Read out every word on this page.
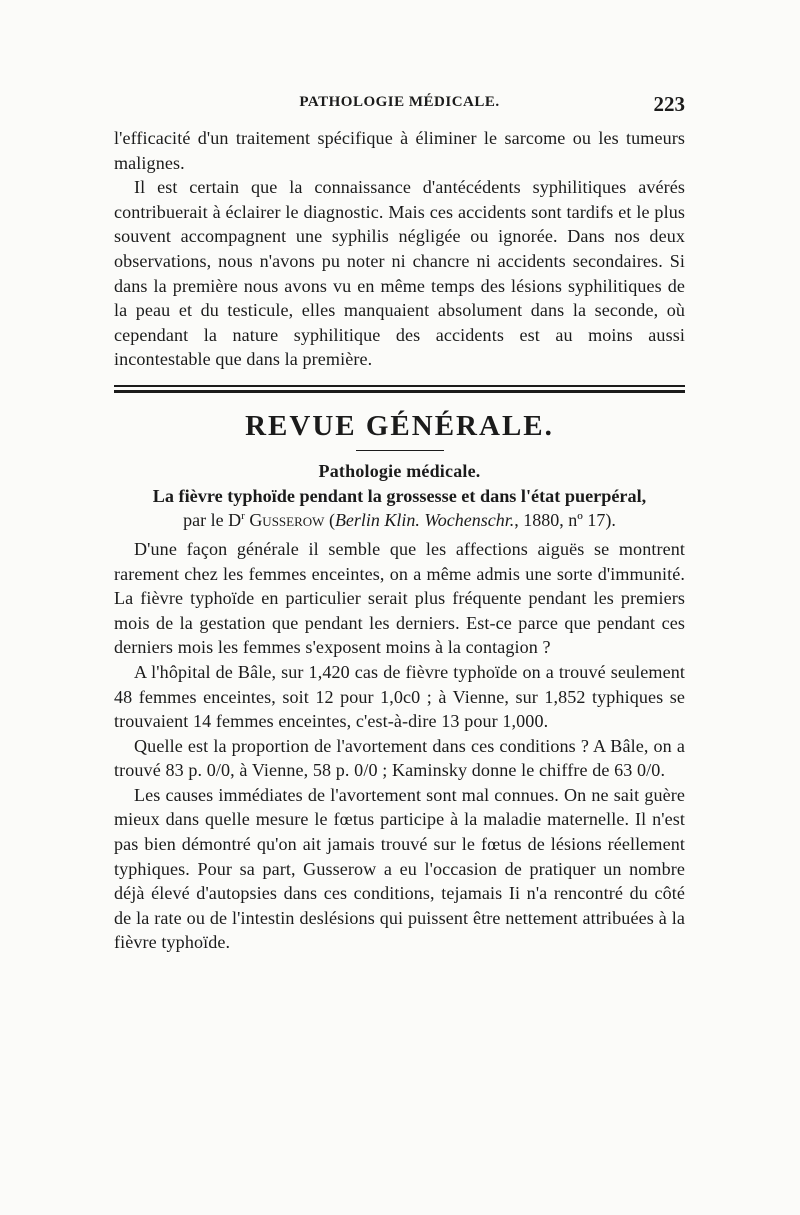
PATHOLOGIE MÉDICALE.	223

l'efficacité d'un traitement spécifique à éliminer le sarcome ou les tumeurs malignes.

Il est certain que la connaissance d'antécédents syphilitiques avérés contribuerait à éclairer le diagnostic. Mais ces accidents sont tardifs et le plus souvent accompagnent une syphilis négligée ou ignorée. Dans nos deux observations, nous n'avons pu noter ni chancre ni accidents secondaires. Si dans la première nous avons vu en même temps des lésions syphilitiques de la peau et du testicule, elles manquaient absolument dans la seconde, où cependant la nature syphilitique des accidents est au moins aussi incontestable que dans la première.

REVUE GÉNÉRALE.
Pathologie médicale.
La fièvre typhoïde pendant la grossesse et dans l'état puerpéral,

par le $D^r$ Gusserow (Berlin Klin. Wochenschr., 1880, nº 17).

D'une façon générale il semble que les affections aiguës se montrent rarement chez les femmes enceintes, on a même admis une sorte d'immunité. La fièvre typhoïde en particulier serait plus fréquente pendant les premiers mois de la gestation que pendant les derniers. Est-ce parce que pendant ces derniers mois les femmes s'exposent moins à la contagion ?

A l'hôpital de Bâle, sur 1,420 cas de fièvre typhoïde on a trouvé seulement 48 femmes enceintes, soit 12 pour 1,0c0 ; à Vienne, sur 1,852 typhiques se trouvaient 14 femmes enceintes, c'est-à-dire 13 pour 1,000.

Quelle est la proportion de l'avortement dans ces conditions ? A Bâle, on a trouvé 83 p. 0/0, à Vienne, 58 p. 0/0 ; Kaminsky donne le chiffre de 63 0/0.

Les causes immédiates de l'avortement sont mal connues. On ne sait guère mieux dans quelle mesure le fœtus participe à la maladie maternelle. Il n'est pas bien démontré qu'on ait jamais trouvé sur le fœtus de lésions réellement typhiques. Pour sa part, Gusserow a eu l'occasion de pratiquer un nombre déjà élevé d'autopsies dans ces conditions, tejamais Ii n'a rencontré du côté de la rate ou de l'intestin deslésions qui puissent être nettement attribuées à la fièvre typhoïde.
